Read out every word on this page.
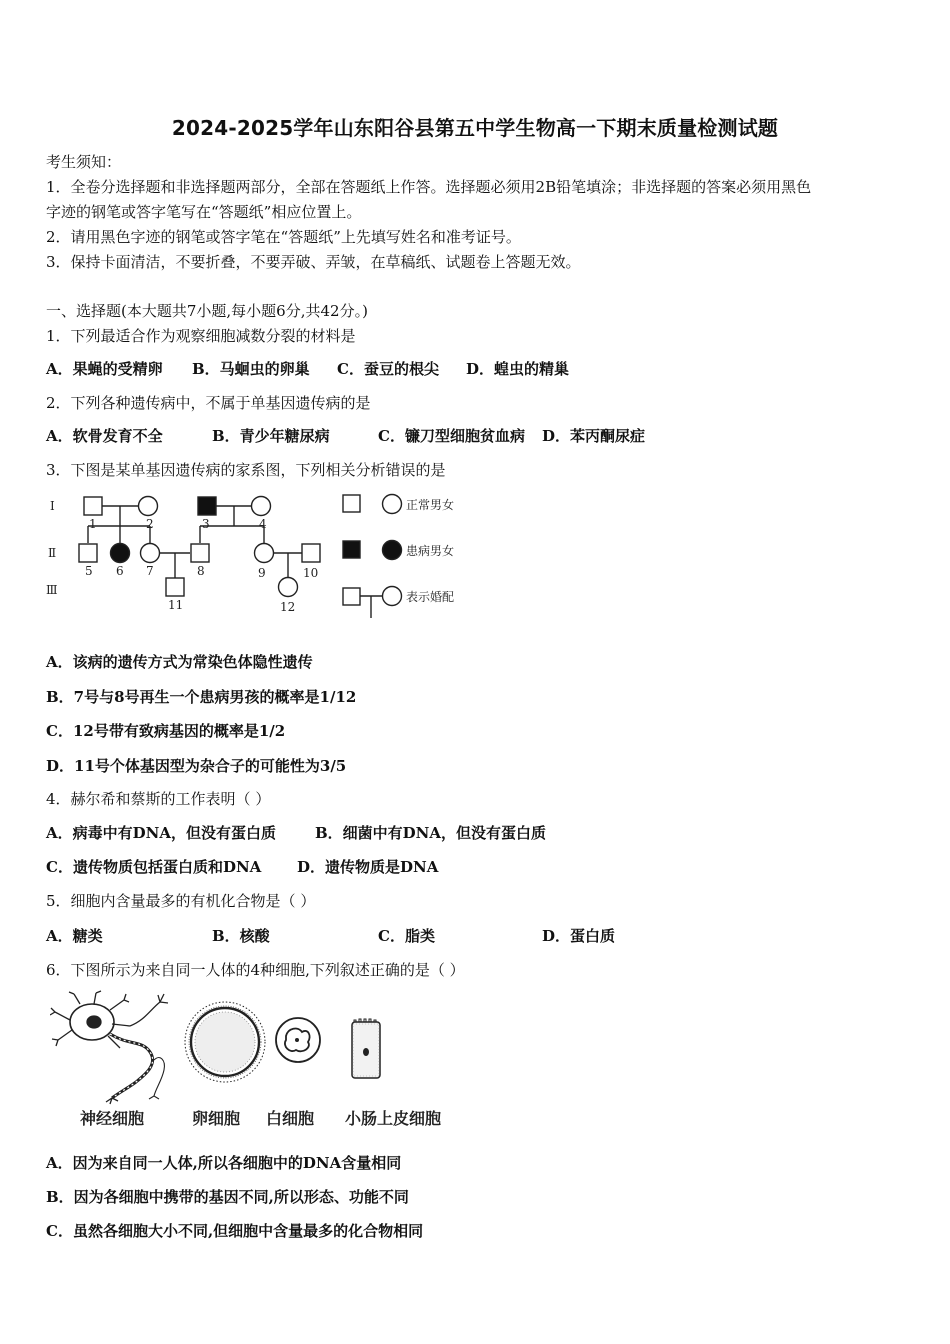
2024-2025学年山东阳谷县第五中学生物高一下期末质量检测试题
考生须知：
1．全卷分选择题和非选择题两部分，全部在答题纸上作答。选择题必须用2B铅笔填涂；非选择题的答案必须用黑色
字迹的钢笔或答字笔写在“答题纸”相应位置上。
2．请用黑色字迹的钢笔或答字笔在“答题纸”上先填写姓名和准考证号。
3．保持卡面清洁，不要折叠，不要弄破、弄皱，在草稿纸、试题卷上答题无效。
一、选择题(本大题共7小题,每小题6分,共42分。)
1．下列最适合作为观察细胞减数分裂的材料是
A．果蝇的受精卵 B．马蛔虫的卵巢 C．蚕豆的根尖 D．蝗虫的精巢
2．下列各种遗传病中，不属于单基因遗传病的是
A．软骨发育不全	B．青少年糖尿病	C．镰刀型细胞贫血病 D．苯丙酮尿症
3．下图是某单基因遗传病的家系图，下列相关分析错误的是
Ⅰ
Ⅱ
Ⅲ
1	2	3	4
5 6 7	8	9	10
11	12
正常男女
患病男女
表示婚配
A．该病的遗传方式为常染色体隐性遗传
B．7号与8号再生一个患病男孩的概率是1/12
C．12号带有致病基因的概率是1/2
D．11号个体基因型为杂合子的可能性为3/5
4．赫尔希和蔡斯的工作表明（ ）
A．病毒中有DNA，但没有蛋白质	B．细菌中有DNA，但没有蛋白质
C．遗传物质包括蛋白质和DNA D．遗传物质是DNA
5．细胞内含量最多的有机化合物是（ ）
A．糖类	B．核酸	C．脂类	D．蛋白质
6．下图所示为来自同一人体的4种细胞,下列叙述正确的是（ ）
神经细胞	卵细胞 白细胞 小肠上皮细胞
A．因为来自同一人体,所以各细胞中的DNA含量相同
B．因为各细胞中携带的基因不同,所以形态、功能不同
C．虽然各细胞大小不同,但细胞中含量最多的化合物相同
